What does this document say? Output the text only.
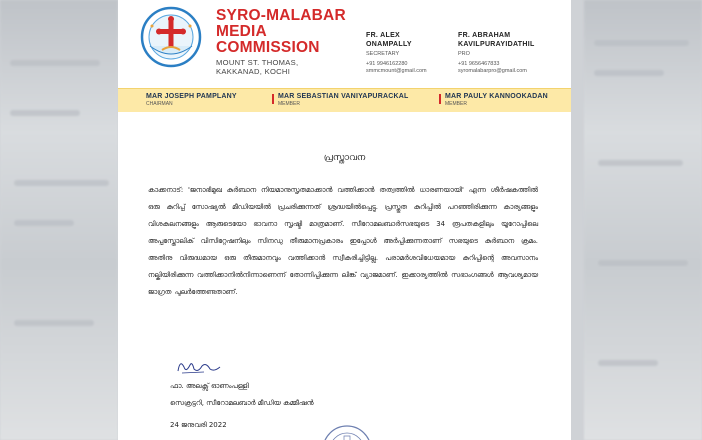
SYRO-MALABAR
MEDIA
COMMISSION
MOUNT ST. THOMAS,
KAKKANAD, KOCHI
FR. ALEX
ONAMPALLY
SECRETARY
+91 9946162280
smmcmount@gmail.com
FR. ABRAHAM
KAVILPURAYIDATHIL
PRO
+91 9656467833
syromalabarpro@gmail.com
MAR JOSEPH PAMPLANY
CHAIRMAN
MAR SEBASTIAN VANIYAPURACKAL
MEMBER
MAR PAULY KANNOOKADAN
MEMBER
പ്രസ്താവന
കാക്കനാട്: 'ജനാഭിമുഖ കുർബാന നിയമാനുസൃതമാക്കാൻ വത്തിക്കാൻ തത്വത്തിൽ ധാരണയായി' എന്ന ശീർഷകത്തിൽ ഒരു കുറിപ്പ് സോഷ്യൽ മീഡിയയിൽ പ്രചരിക്കുന്നത് ശ്രദ്ധയിൽപ്പെട്ടു. പ്രസ്തുത കുറിപ്പിൽ പറഞ്ഞിരിക്കുന്ന കാര്യങ്ങളും വിശകലനങ്ങളും ആരുടെയോ ഭാവനാ സൃഷ്ടി മാത്രമാണ്. സീറോമലബാർസഭയുടെ 34 രൂപതകളിലും യൂറോപ്പിലെ അപ്പസ്തോലിക് വിസിറ്റേഷനിലും സിനഡു തീരുമാനപ്രകാരം ഇപ്പോൾ അർപ്പിക്കുന്നതാണ് സഭയുടെ കുർബാന ക്രമം. അതിനു വിരുദ്ധമായ ഒരു തീരുമാനവും വത്തിക്കാൻ സ്വീകരിച്ചിട്ടില്ല. പരാമർശവിധേയമായ കുറിപ്പിന്റെ അവസാനം നല്കിയിരിക്കുന്ന വത്തിക്കാനിൽനിന്നാണെന്ന് തോന്നിപ്പിക്കുന്ന ലിങ്ക് വ്യാജമാണ്. ഇക്കാര്യത്തിൽ സഭാംഗങ്ങൾ ആവശ്യമായ ജാഗ്രത പുലർത്തേണ്ടതാണ്.
ഫാ. അലക്സ് ഓണംപള്ളി
സെക്രട്ടറി, സീറോമലബാർ മീഡിയ കമ്മീഷൻ
24 ജനുവരി 2022
